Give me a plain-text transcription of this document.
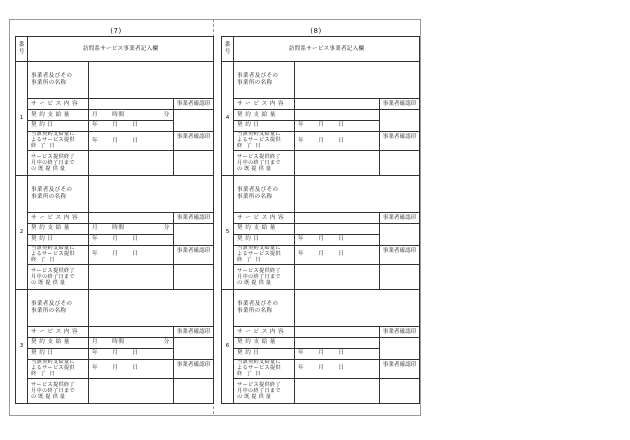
(7)	(8)
番
号	訪問系サービス事業者記入欄		
1	事業者及びその
事業所の名称		

	サービス内容		事業者確認印
	契約支給量	月 時間 分	

	契約日	年 月 日	

	当該契約支給量に
よるサービス提供
終了日	年 月 日	事業者確認印

	サービス提供終了
月中の終了日まで
の既提供量		

2	事業者及びその
事業所の名称		

	サービス内容		事業者確認印
	契約支給量	月 時間 分	

	契約日	年 月 日	

	当該契約支給量に
よるサービス提供
終了日	年 月 日	事業者確認印

	サービス提供終了
月中の終了日まで
の既提供量		

3	事業者及びその
事業所の名称		

	サービス内容		事業者確認印
	契約支給量	月 時間 分	

	契約日	年 月 日	

	当該契約支給量に
よるサービス提供
終了日	年 月 日	事業者確認印

	サービス提供終了
月中の終了日まで
の既提供量		

番
号	訪問系サービス事業者記入欄		
4	事業者及びその
事業所の名称		

	サービス内容		事業者確認印
	契約支給量		
	契約日	年 月 日	

	当該契約支給量に
よるサービス提供
終了日	年 月 日	事業者確認印

	サービス提供終了
月中の終了日まで
の既提供量		

5	事業者及びその
事業所の名称		

	サービス内容		事業者確認印
	契約支給量		
	契約日	年 月 日	

	当該契約支給量に
よるサービス提供
終了日	年 月 日	事業者確認印

	サービス提供終了
月中の終了日まで
の既提供量		

6	事業者及びその
事業所の名称		

	サービス内容		事業者確認印
	契約支給量		
	契約日	年 月 日	

	当該契約支給量に
よるサービス提供
終了日	年 月 日	事業者確認印

	サービス提供終了
月中の終了日まで
の既提供量		
